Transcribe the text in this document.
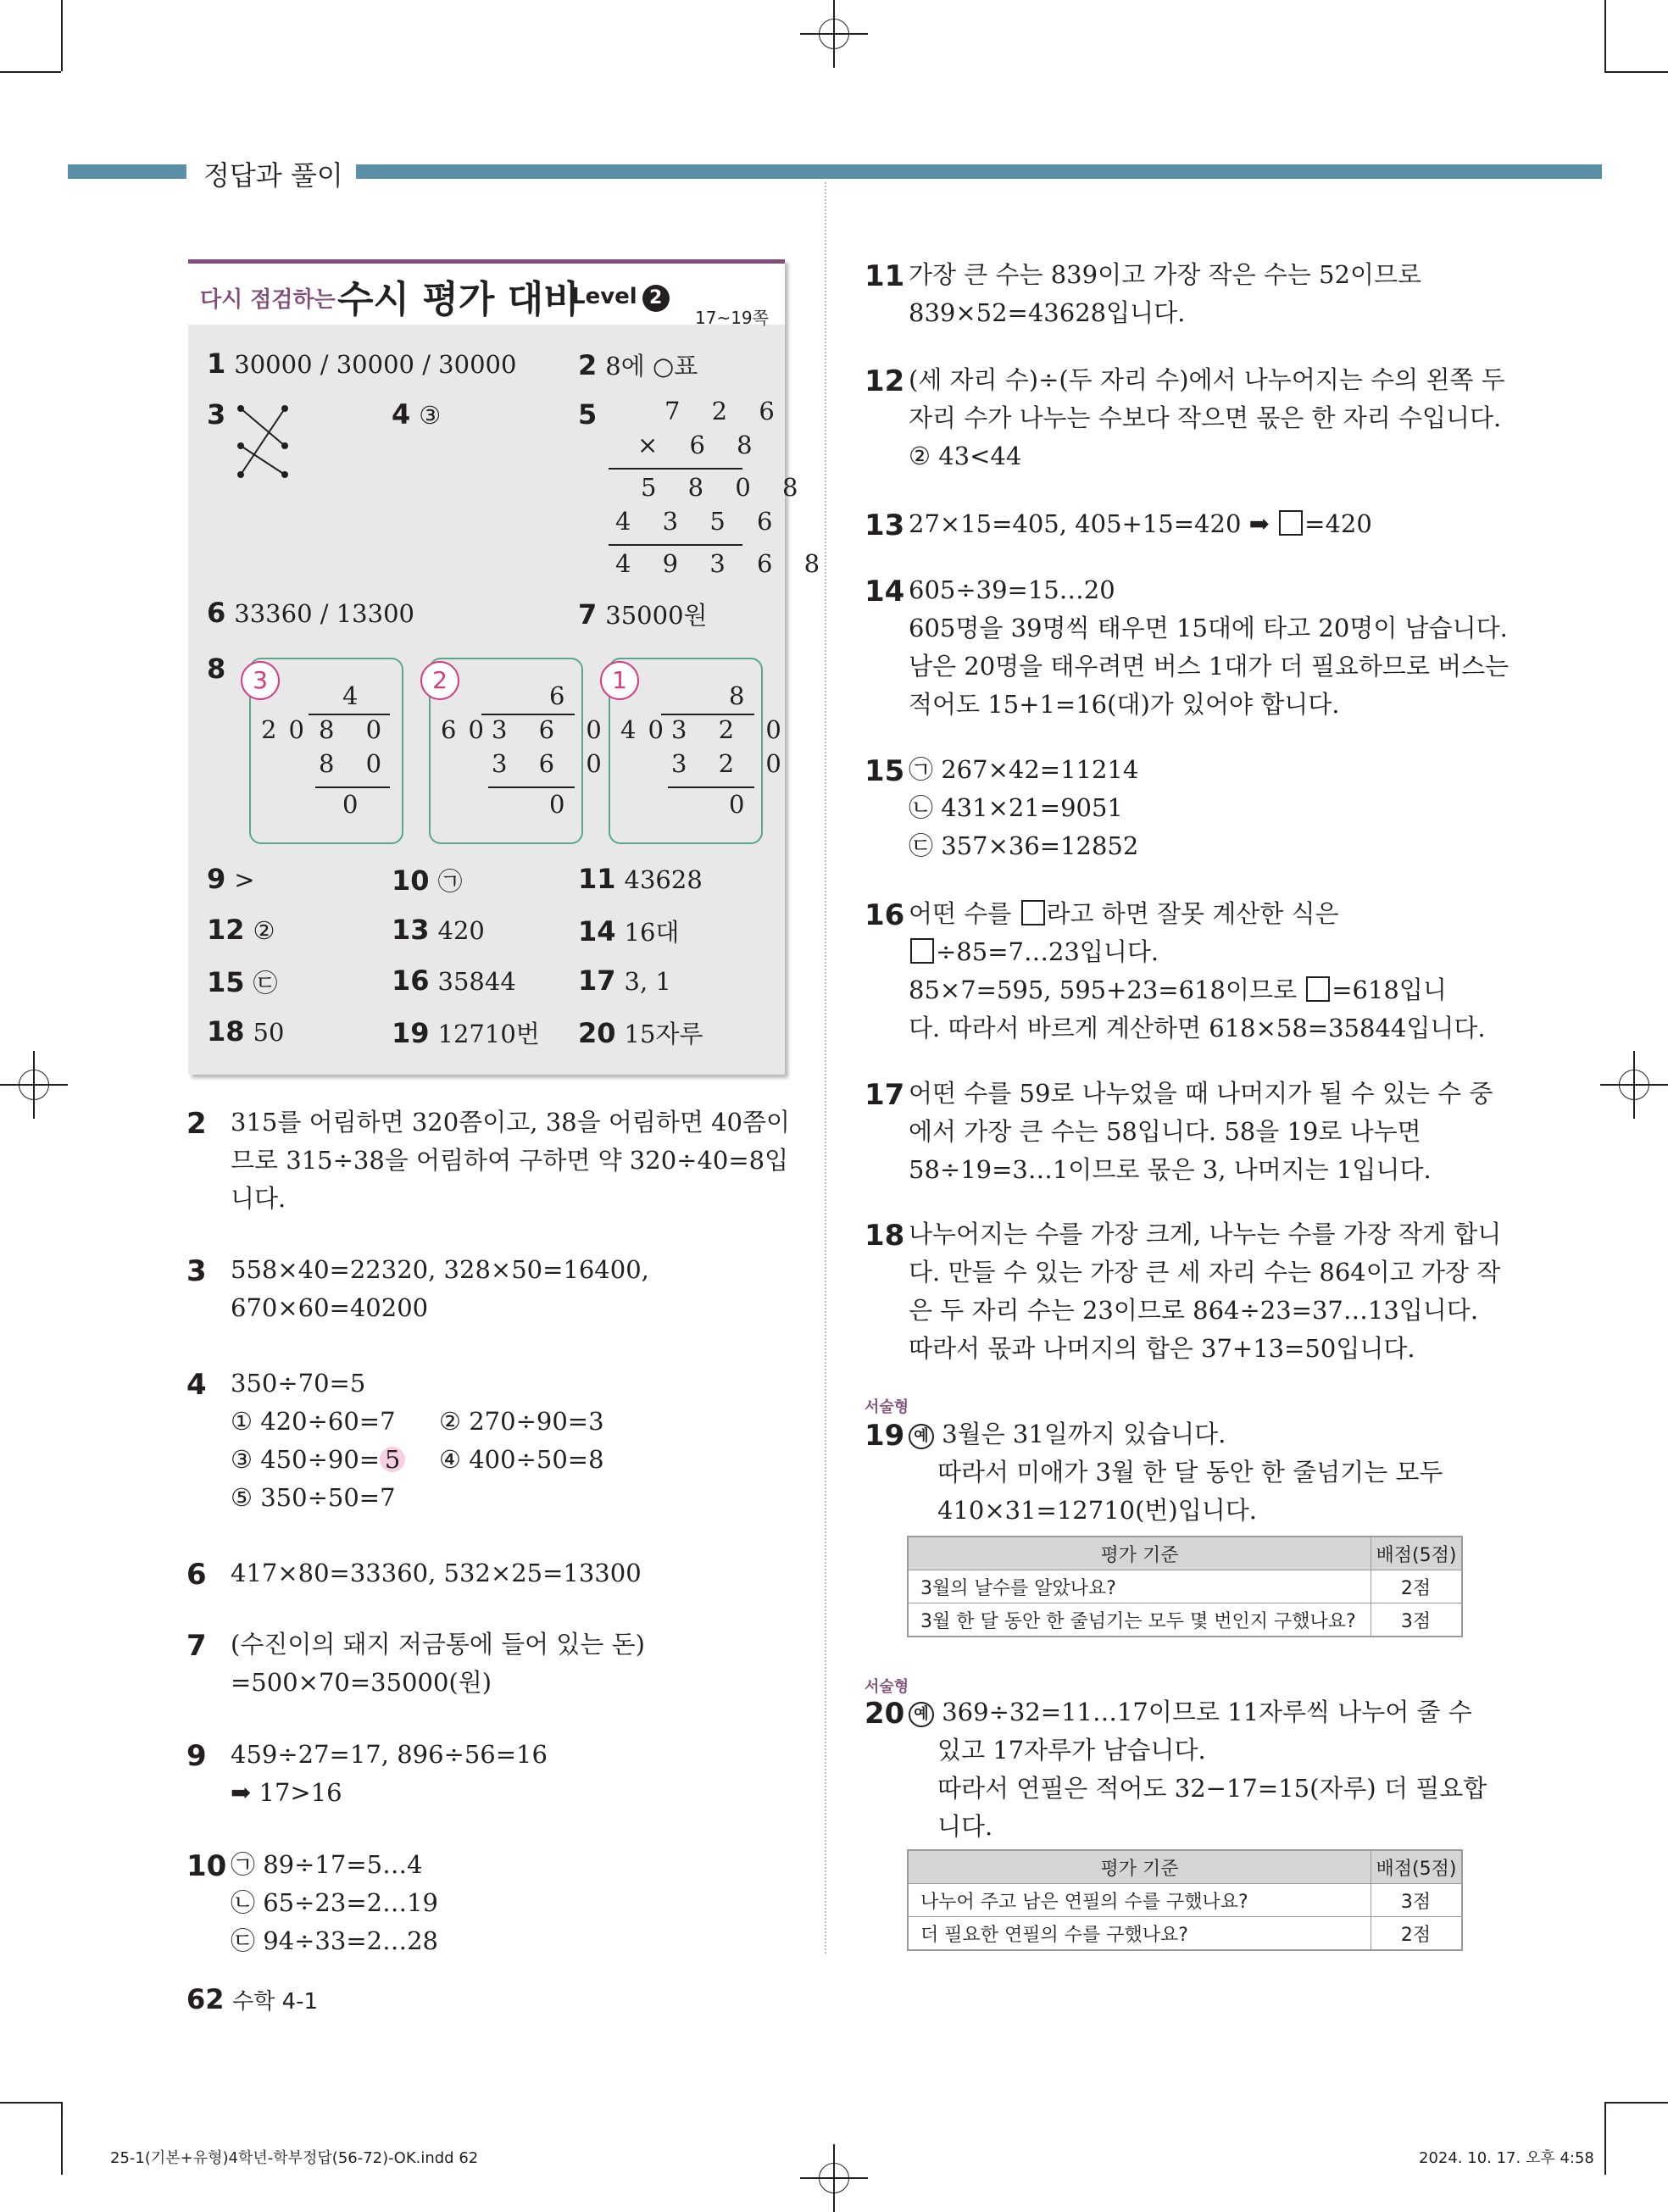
정답과 풀이
다시 점검하는 수시 평가 대비
Level 2
17~19쪽
1 30000 / 30000 / 30000 2 8에 ○표
3	4 ③	5	7 2 6
× 6 8
5 8 0 8
4 3 5 6
4 9 3 6 8
6 33360 / 13300	7 35000원
8	3
4
20 8 0
8 0
0
2
6
60
3 6 0
3 6 0
0
1
8
40
3 2 0
3 2 0
0
9 >	10 ㉠	11 43628
12 ②	13 420	14 16대
15 ㉢	16 35844 17 3, 1
18 50	19 12710번 20 15자루
2 315를 어림하면 320쯤이고, 38을 어림하면 40쯤이
므로 315÷38을 어림하여 구하면 약 320÷40=8입
니다.
3 558×40=22320, 328×50=16400,
670×60=40200
4 350÷70=5
① 420÷60=7 ② 270÷90=3
③ 450÷90= 5 ④ 400÷50=8
⑤ 350÷50=7
6 417×80=33360, 532×25=13300
7 (수진이의 돼지 저금통에 들어 있는 돈)
=500×70=35000(원)
9 459÷27=17, 896÷56=16
➡ 17>16
10 ㉠ 89÷17=5…4
㉡ 65÷23=2…19
㉢ 94÷33=2…28
11 가장 큰 수는 839이고 가장 작은 수는 52이므로
839×52=43628입니다.
12 (세 자리 수)÷(두 자리 수)에서 나누어지는 수의 왼쪽 두
자리 수가 나누는 수보다 작으면 몫은 한 자리 수입니다.
② 43<44
13 27×15=405, 405+15=420 ➡ =420
14 605÷39=15…20
605명을 39명씩 태우면 15대에 타고 20명이 남습니다.
남은 20명을 태우려면 버스 1대가 더 필요하므로 버스는
적어도 15+1=16(대)가 있어야 합니다.
15 ㉠ 267×42=11214
㉡ 431×21=9051
㉢ 357×36=12852
16 어떤 수를 라고 하면 잘못 계산한 식은
÷85=7…23입니다.
85×7=595, 595+23=618이므로 =618입니
다. 따라서 바르게 계산하면 618×58=35844입니다.
17 어떤 수를 59로 나누었을 때 나머지가 될 수 있는 수 중
에서 가장 큰 수는 58입니다. 58을 19로 나누면
58÷19=3…1이므로 몫은 3, 나머지는 1입니다.
18 나누어지는 수를 가장 크게, 나누는 수를 가장 작게 합니
다. 만들 수 있는 가장 큰 세 자리 수는 864이고 가장 작
은 두 자리 수는 23이므로 864÷23=37…13입니다.
따라서 몫과 나머지의 합은 37+13=50입니다.
서술형
19 예 3월은 31일까지 있습니다.
따라서 미애가 3월 한 달 동안 한 줄넘기는 모두
410×31=12710(번)입니다.
평가 기준	배점(5점)
3월의 날수를 알았나요?	2점
3월 한 달 동안 한 줄넘기는 모두 몇 번인지 구했나요?	3점
서술형
20 예 369÷32=11…17이므로 11자루씩 나누어 줄 수
있고 17자루가 남습니다.
따라서 연필은 적어도 32−17=15(자루) 더 필요합
니다.
평가 기준	배점(5점)
나누어 주고 남은 연필의 수를 구했나요?	3점
더 필요한 연필의 수를 구했나요?	2점
62 수학 4-1
25-1(기본+유형)4학년-학부정답(56-72)-OK.indd 62	2024. 10. 17. 오후 4:58
